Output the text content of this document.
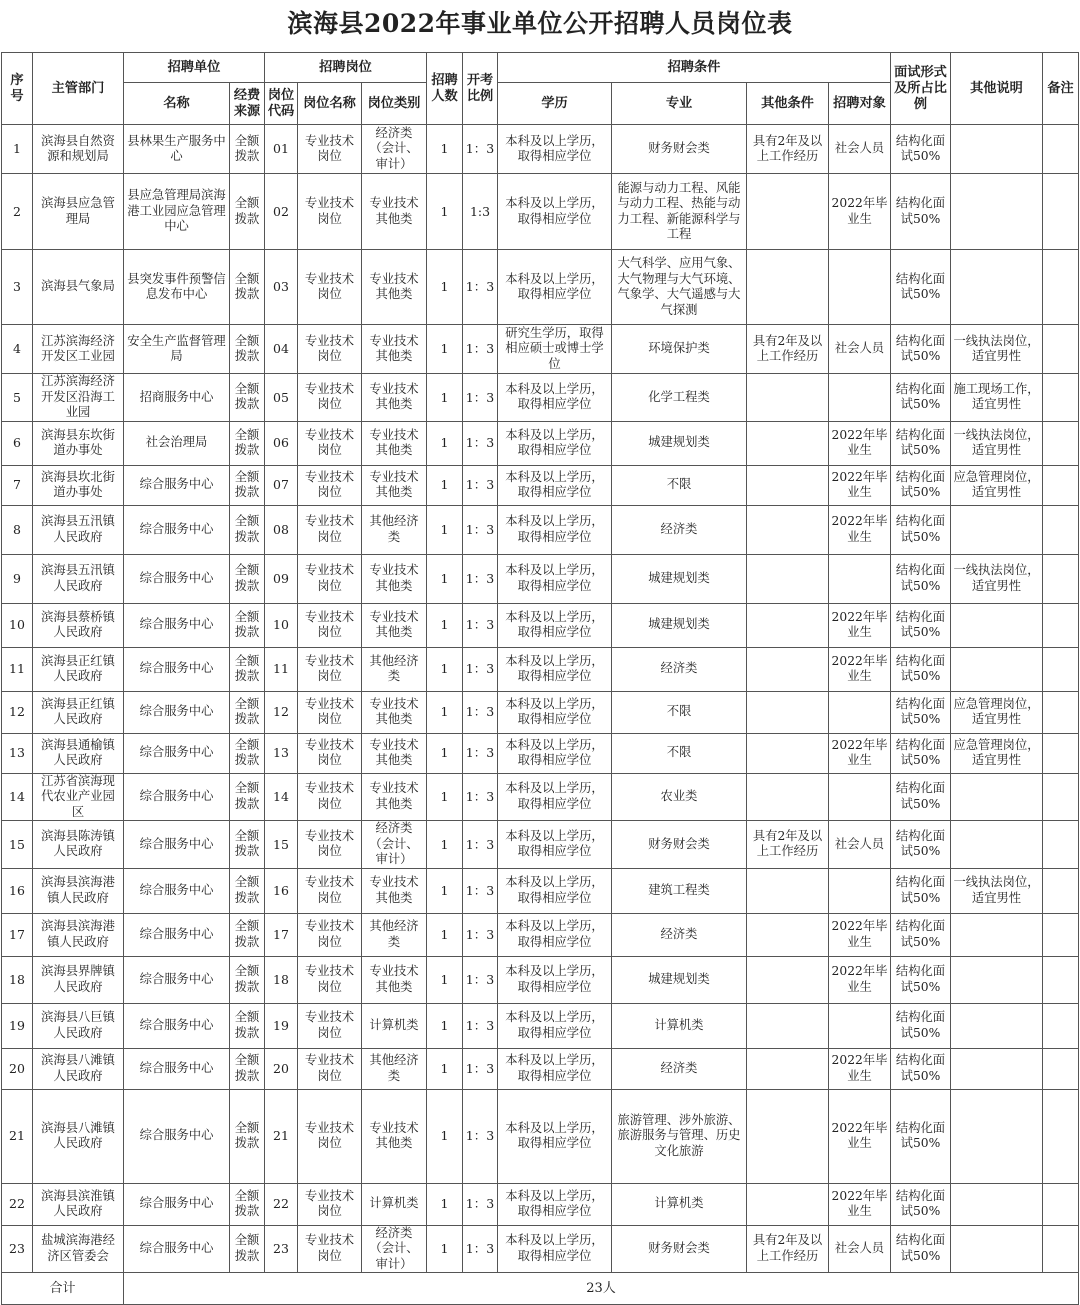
滨海县2022年事业单位公开招聘人员岗位表
序号	主管部门	招聘单位		招聘岗位			招聘人数	开考比例	招聘条件				面试形式及所占比例	其他说明	备注
		名称	经费来源	岗位代码	岗位名称	岗位类别			学历	专业	其他条件	招聘对象			
1	滨海县自然资源和规划局	县林果生产服务中心	全额拨款	01	专业技术岗位	经济类（会计、审计）	1	1：3	本科及以上学历，取得相应学位	财务财会类	具有2年及以上工作经历	社会人员	结构化面试50%		
2	滨海县应急管理局	县应急管理局滨海港工业园应急管理中心	全额拨款	02	专业技术岗位	专业技术其他类	1	1:3	本科及以上学历，取得相应学位	能源与动力工程、风能与动力工程、热能与动力工程、新能源科学与工程		2022年毕业生	结构化面试50%		
3	滨海县气象局	县突发事件预警信息发布中心	全额拨款	03	专业技术岗位	专业技术其他类	1	1：3	本科及以上学历，取得相应学位	大气科学、应用气象、大气物理与大气环境、气象学、大气遥感与大气探测			结构化面试50%		
4	江苏滨海经济开发区工业园	安全生产监督管理局	全额拨款	04	专业技术岗位	专业技术其他类	1	1：3	研究生学历，取得相应硕士或博士学位	环境保护类	具有2年及以上工作经历	社会人员	结构化面试50%	一线执法岗位，适宜男性	
5	江苏滨海经济开发区沿海工业园	招商服务中心	全额拨款	05	专业技术岗位	专业技术其他类	1	1：3	本科及以上学历，取得相应学位	化学工程类			结构化面试50%	施工现场工作，适宜男性	
6	滨海县东坎街道办事处	社会治理局	全额拨款	06	专业技术岗位	专业技术其他类	1	1：3	本科及以上学历，取得相应学位	城建规划类		2022年毕业生	结构化面试50%	一线执法岗位，适宜男性	
7	滨海县坎北街道办事处	综合服务中心	全额拨款	07	专业技术岗位	专业技术其他类	1	1：3	本科及以上学历，取得相应学位	不限		2022年毕业生	结构化面试50%	应急管理岗位，适宜男性	
8	滨海县五汛镇人民政府	综合服务中心	全额拨款	08	专业技术岗位	其他经济类	1	1：3	本科及以上学历，取得相应学位	经济类		2022年毕业生	结构化面试50%		
9	滨海县五汛镇人民政府	综合服务中心	全额拨款	09	专业技术岗位	专业技术其他类	1	1：3	本科及以上学历，取得相应学位	城建规划类			结构化面试50%	一线执法岗位，适宜男性	
10	滨海县蔡桥镇人民政府	综合服务中心	全额拨款	10	专业技术岗位	专业技术其他类	1	1：3	本科及以上学历，取得相应学位	城建规划类		2022年毕业生	结构化面试50%		
11	滨海县正红镇人民政府	综合服务中心	全额拨款	11	专业技术岗位	其他经济类	1	1：3	本科及以上学历，取得相应学位	经济类		2022年毕业生	结构化面试50%		
12	滨海县正红镇人民政府	综合服务中心	全额拨款	12	专业技术岗位	专业技术其他类	1	1：3	本科及以上学历，取得相应学位	不限			结构化面试50%	应急管理岗位，适宜男性	
13	滨海县通榆镇人民政府	综合服务中心	全额拨款	13	专业技术岗位	专业技术其他类	1	1：3	本科及以上学历，取得相应学位	不限		2022年毕业生	结构化面试50%	应急管理岗位，适宜男性	
14	江苏省滨海现代农业产业园区	综合服务中心	全额拨款	14	专业技术岗位	专业技术其他类	1	1：3	本科及以上学历，取得相应学位	农业类			结构化面试50%		
15	滨海县陈涛镇人民政府	综合服务中心	全额拨款	15	专业技术岗位	经济类（会计、审计）	1	1：3	本科及以上学历，取得相应学位	财务财会类	具有2年及以上工作经历	社会人员	结构化面试50%		
16	滨海县滨海港镇人民政府	综合服务中心	全额拨款	16	专业技术岗位	专业技术其他类	1	1：3	本科及以上学历，取得相应学位	建筑工程类			结构化面试50%	一线执法岗位，适宜男性	
17	滨海县滨海港镇人民政府	综合服务中心	全额拨款	17	专业技术岗位	其他经济类	1	1：3	本科及以上学历，取得相应学位	经济类		2022年毕业生	结构化面试50%		
18	滨海县界牌镇人民政府	综合服务中心	全额拨款	18	专业技术岗位	专业技术其他类	1	1：3	本科及以上学历，取得相应学位	城建规划类		2022年毕业生	结构化面试50%		
19	滨海县八巨镇人民政府	综合服务中心	全额拨款	19	专业技术岗位	计算机类	1	1：3	本科及以上学历，取得相应学位	计算机类			结构化面试50%		
20	滨海县八滩镇人民政府	综合服务中心	全额拨款	20	专业技术岗位	其他经济类	1	1：3	本科及以上学历，取得相应学位	经济类		2022年毕业生	结构化面试50%		
21	滨海县八滩镇人民政府	综合服务中心	全额拨款	21	专业技术岗位	专业技术其他类	1	1：3	本科及以上学历，取得相应学位	旅游管理、涉外旅游、旅游服务与管理、历史文化旅游		2022年毕业生	结构化面试50%		
22	滨海县滨淮镇人民政府	综合服务中心	全额拨款	22	专业技术岗位	计算机类	1	1：3	本科及以上学历，取得相应学位	计算机类		2022年毕业生	结构化面试50%		
23	盐城滨海港经济区管委会	综合服务中心	全额拨款	23	专业技术岗位	经济类（会计、审计）	1	1：3	本科及以上学历，取得相应学位	财务财会类	具有2年及以上工作经历	社会人员	结构化面试50%		
合计		23人													
